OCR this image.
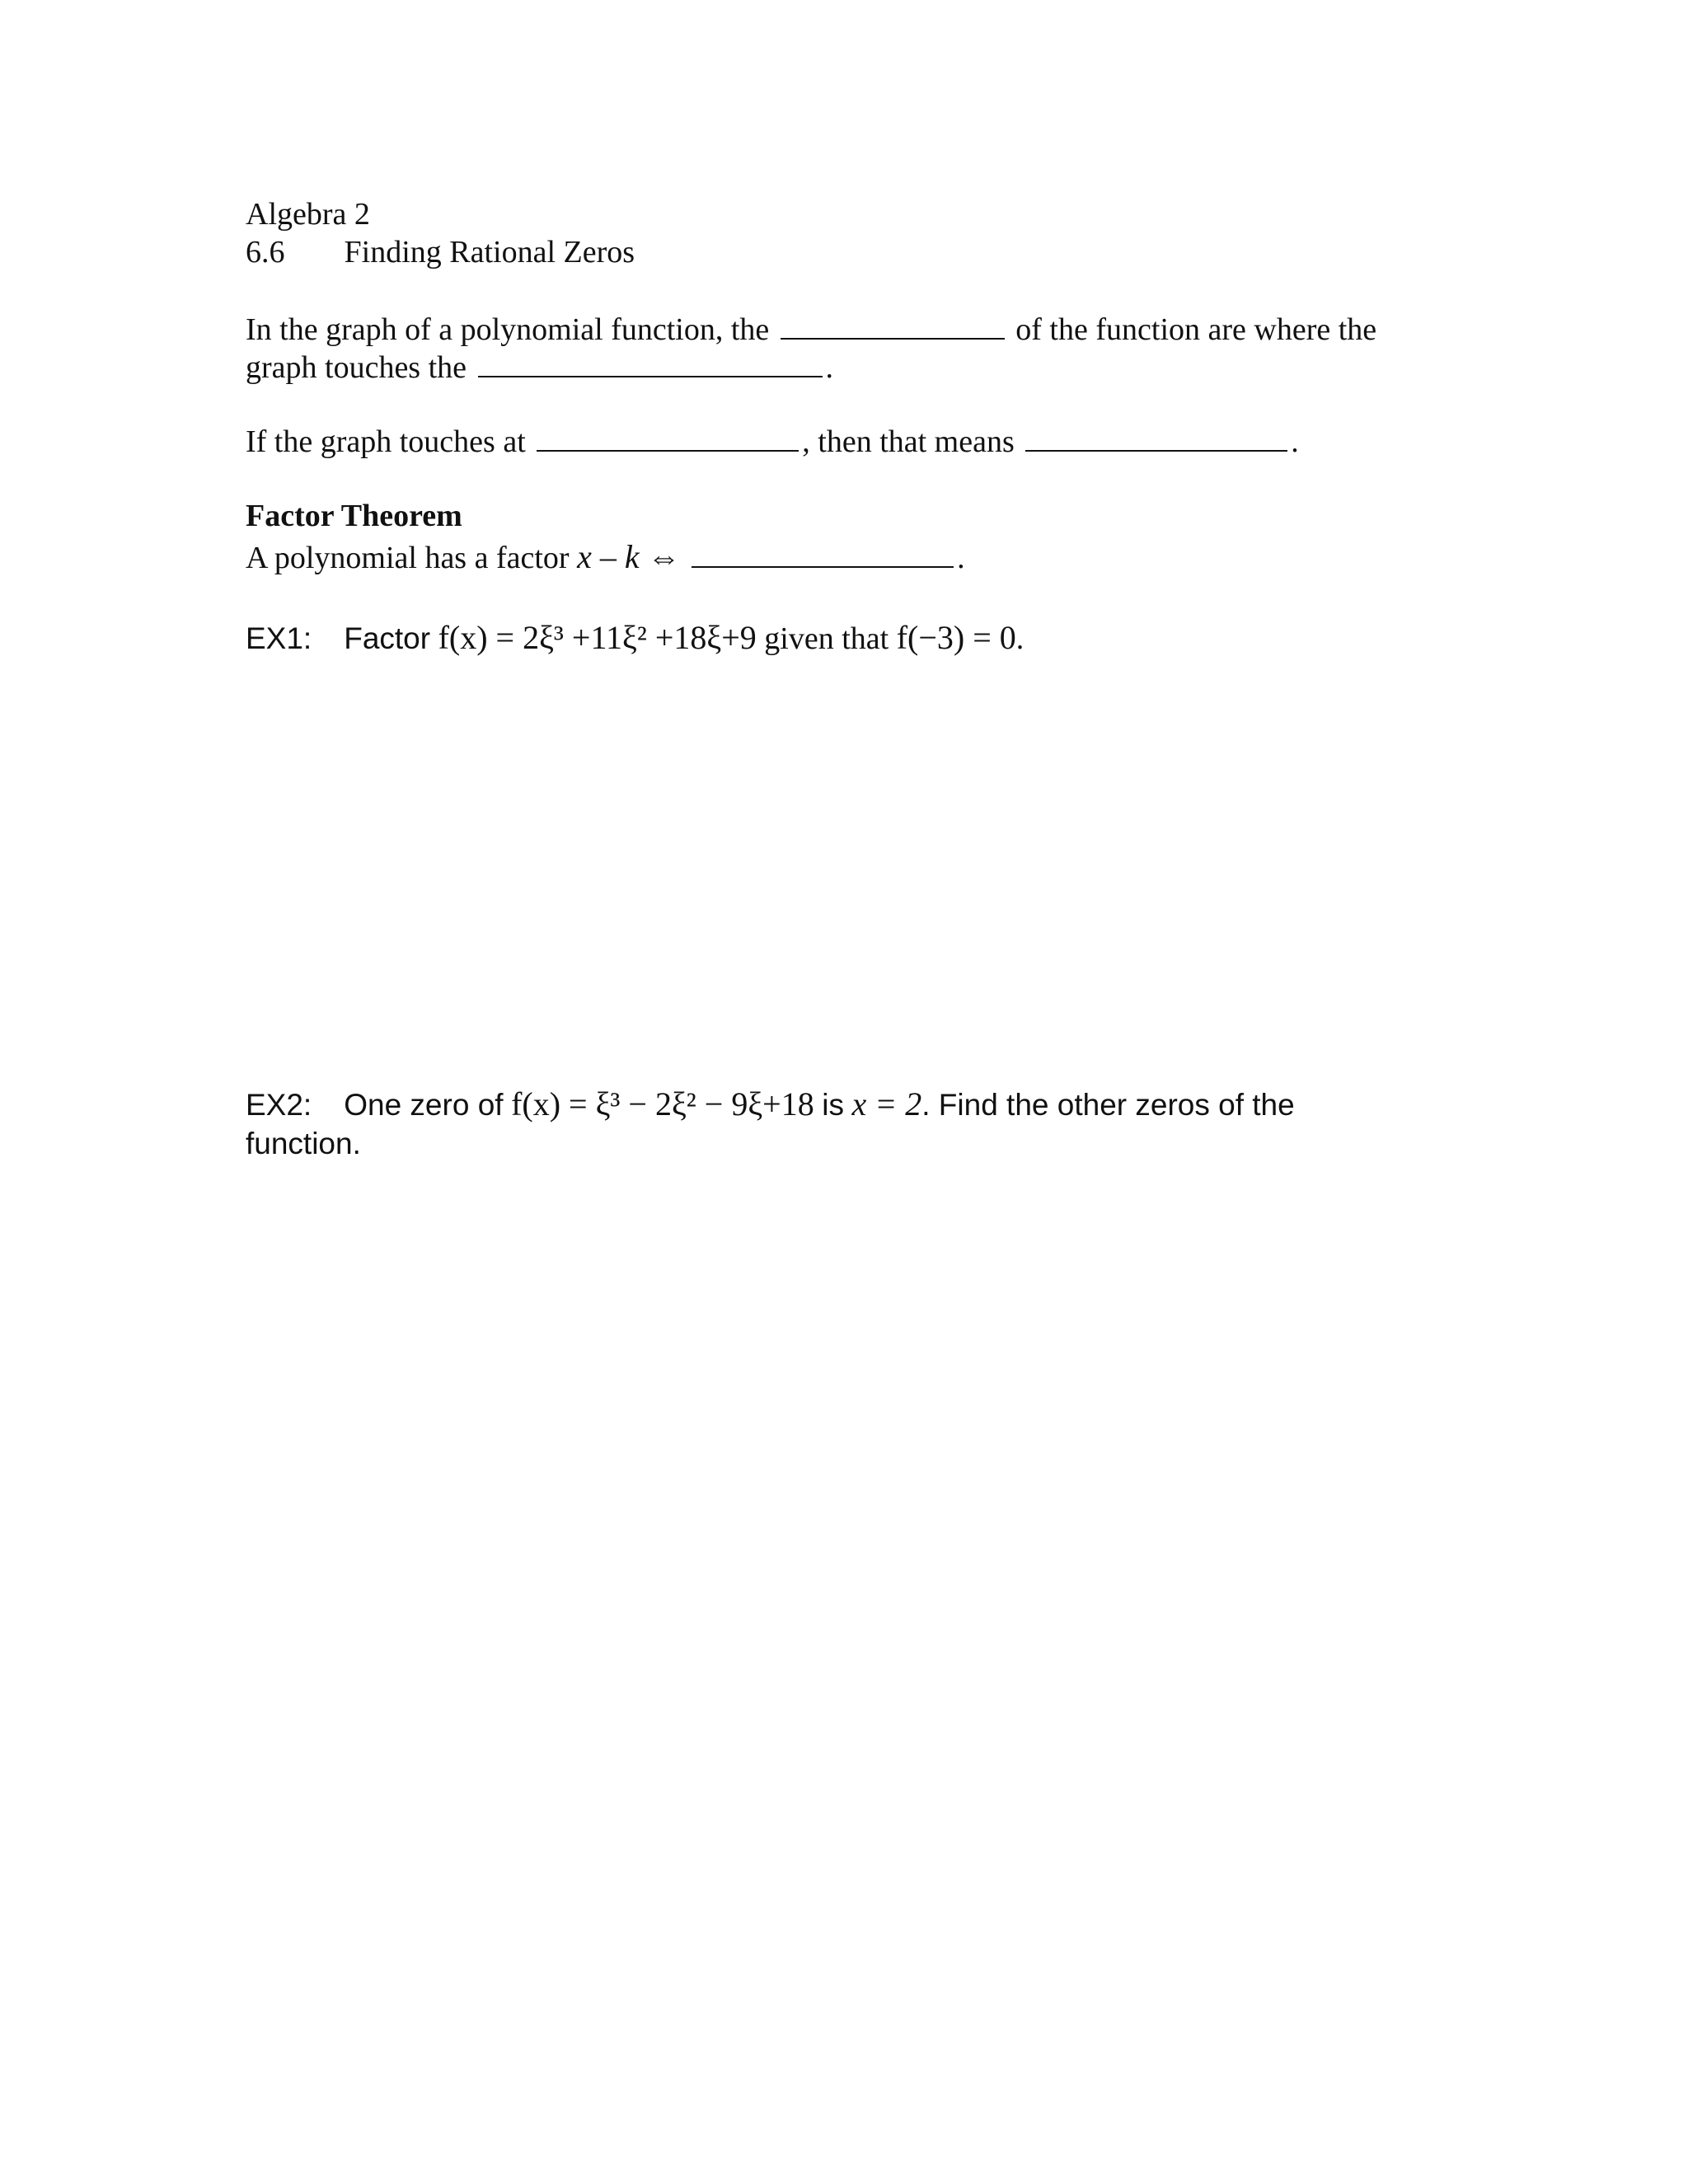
Algebra 2
6.6 Finding Rational Zeros
In the graph of a polynomial function, the	of the function are where the
graph touches the	.
If the graph touches at	, then that means	.
Factor Theorem
A polynomial has a factor x – k ⇔	.
EX1: Factor f(x) = 2ξ³ +11ξ² +18ξ+9 given that f(−3) = 0.
EX2: One zero of f(x) = ξ³ − 2ξ² − 9ξ+18 is x = 2. Find the other zeros of the
function.
